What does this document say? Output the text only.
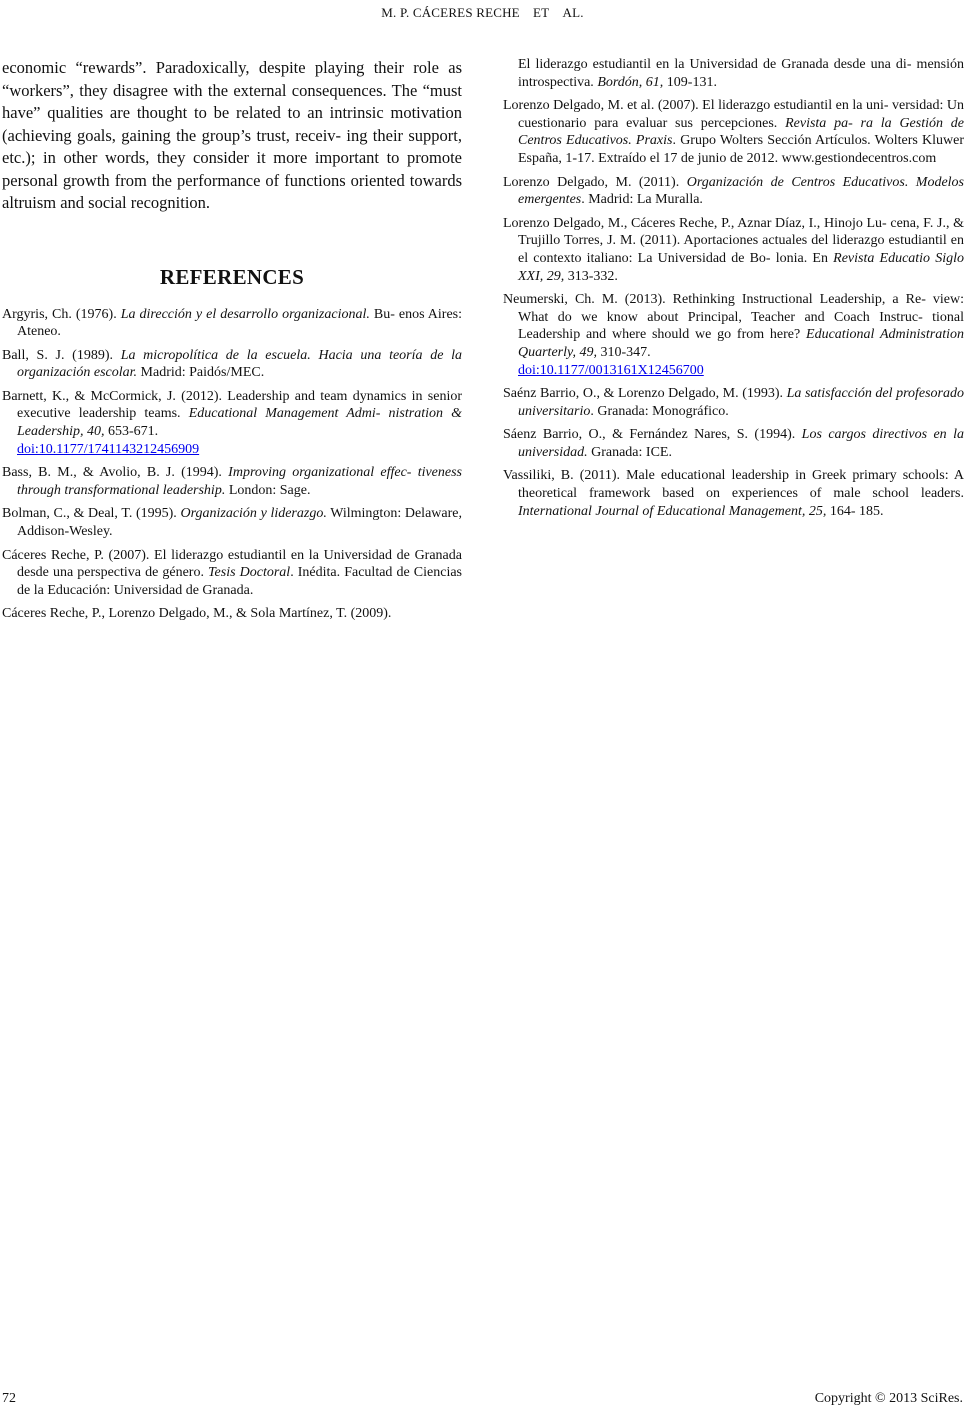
M. P. CÁCERES RECHE ET AL.

economic “rewards”. Paradoxically, despite playing their role as “workers”, they disagree with the external consequences. The “must have” qualities are thought to be related to an intrinsic motivation (achieving goals, gaining the group’s trust, receiv- ing their support, etc.); in other words, they consider it more important to promote personal growth from the performance of functions oriented towards altruism and social recognition.

REFERENCES

Argyris, Ch. (1976). La dirección y el desarrollo organizacional. Bu- enos Aires: Ateneo.

Ball, S. J. (1989). La micropolítica de la escuela. Hacia una teoría de la organización escolar. Madrid: Paidós/MEC.

Barnett, K., & McCormick, J. (2012). Leadership and team dynamics in senior executive leadership teams. Educational Management Admi- nistration & Leadership, 40, 653-671.
doi:10.1177/1741143212456909

Bass, B. M., & Avolio, B. J. (1994). Improving organizational effec- tiveness through transformational leadership. London: Sage.

Bolman, C., & Deal, T. (1995). Organización y liderazgo. Wilmington: Delaware, Addison-Wesley.

Cáceres Reche, P. (2007). El liderazgo estudiantil en la Universidad de Granada desde una perspectiva de género. Tesis Doctoral. Inédita. Facultad de Ciencias de la Educación: Universidad de Granada.

Cáceres Reche, P., Lorenzo Delgado, M., & Sola Martínez, T. (2009).

El liderazgo estudiantil en la Universidad de Granada desde una di- mensión introspectiva. Bordón, 61, 109-131.

Lorenzo Delgado, M. et al. (2007). El liderazgo estudiantil en la uni- versidad: Un cuestionario para evaluar sus percepciones. Revista pa- ra la Gestión de Centros Educativos. Praxis. Grupo Wolters Sección Artículos. Wolters Kluwer España, 1-17. Extraído el 17 de junio de 2012. www.gestiondecentros.com

Lorenzo Delgado, M. (2011). Organización de Centros Educativos. Modelos emergentes. Madrid: La Muralla.

Lorenzo Delgado, M., Cáceres Reche, P., Aznar Díaz, I., Hinojo Lu- cena, F. J., & Trujillo Torres, J. M. (2011). Aportaciones actuales del liderazgo estudiantil en el contexto italiano: La Universidad de Bo- lonia. En Revista Educatio Siglo XXI, 29, 313-332.

Neumerski, Ch. M. (2013). Rethinking Instructional Leadership, a Re- view: What do we know about Principal, Teacher and Coach Instruc- tional Leadership and where should we go from here? Educational Administration Quarterly, 49, 310-347.
doi:10.1177/0013161X12456700

Saénz Barrio, O., & Lorenzo Delgado, M. (1993). La satisfacción del profesorado universitario. Granada: Monográfico.

Sáenz Barrio, O., & Fernández Nares, S. (1994). Los cargos directivos en la universidad. Granada: ICE.

Vassiliki, B. (2011). Male educational leadership in Greek primary schools: A theoretical framework based on experiences of male school leaders. International Journal of Educational Management, 25, 164- 185.

72	Copyright © 2013 SciRes.
